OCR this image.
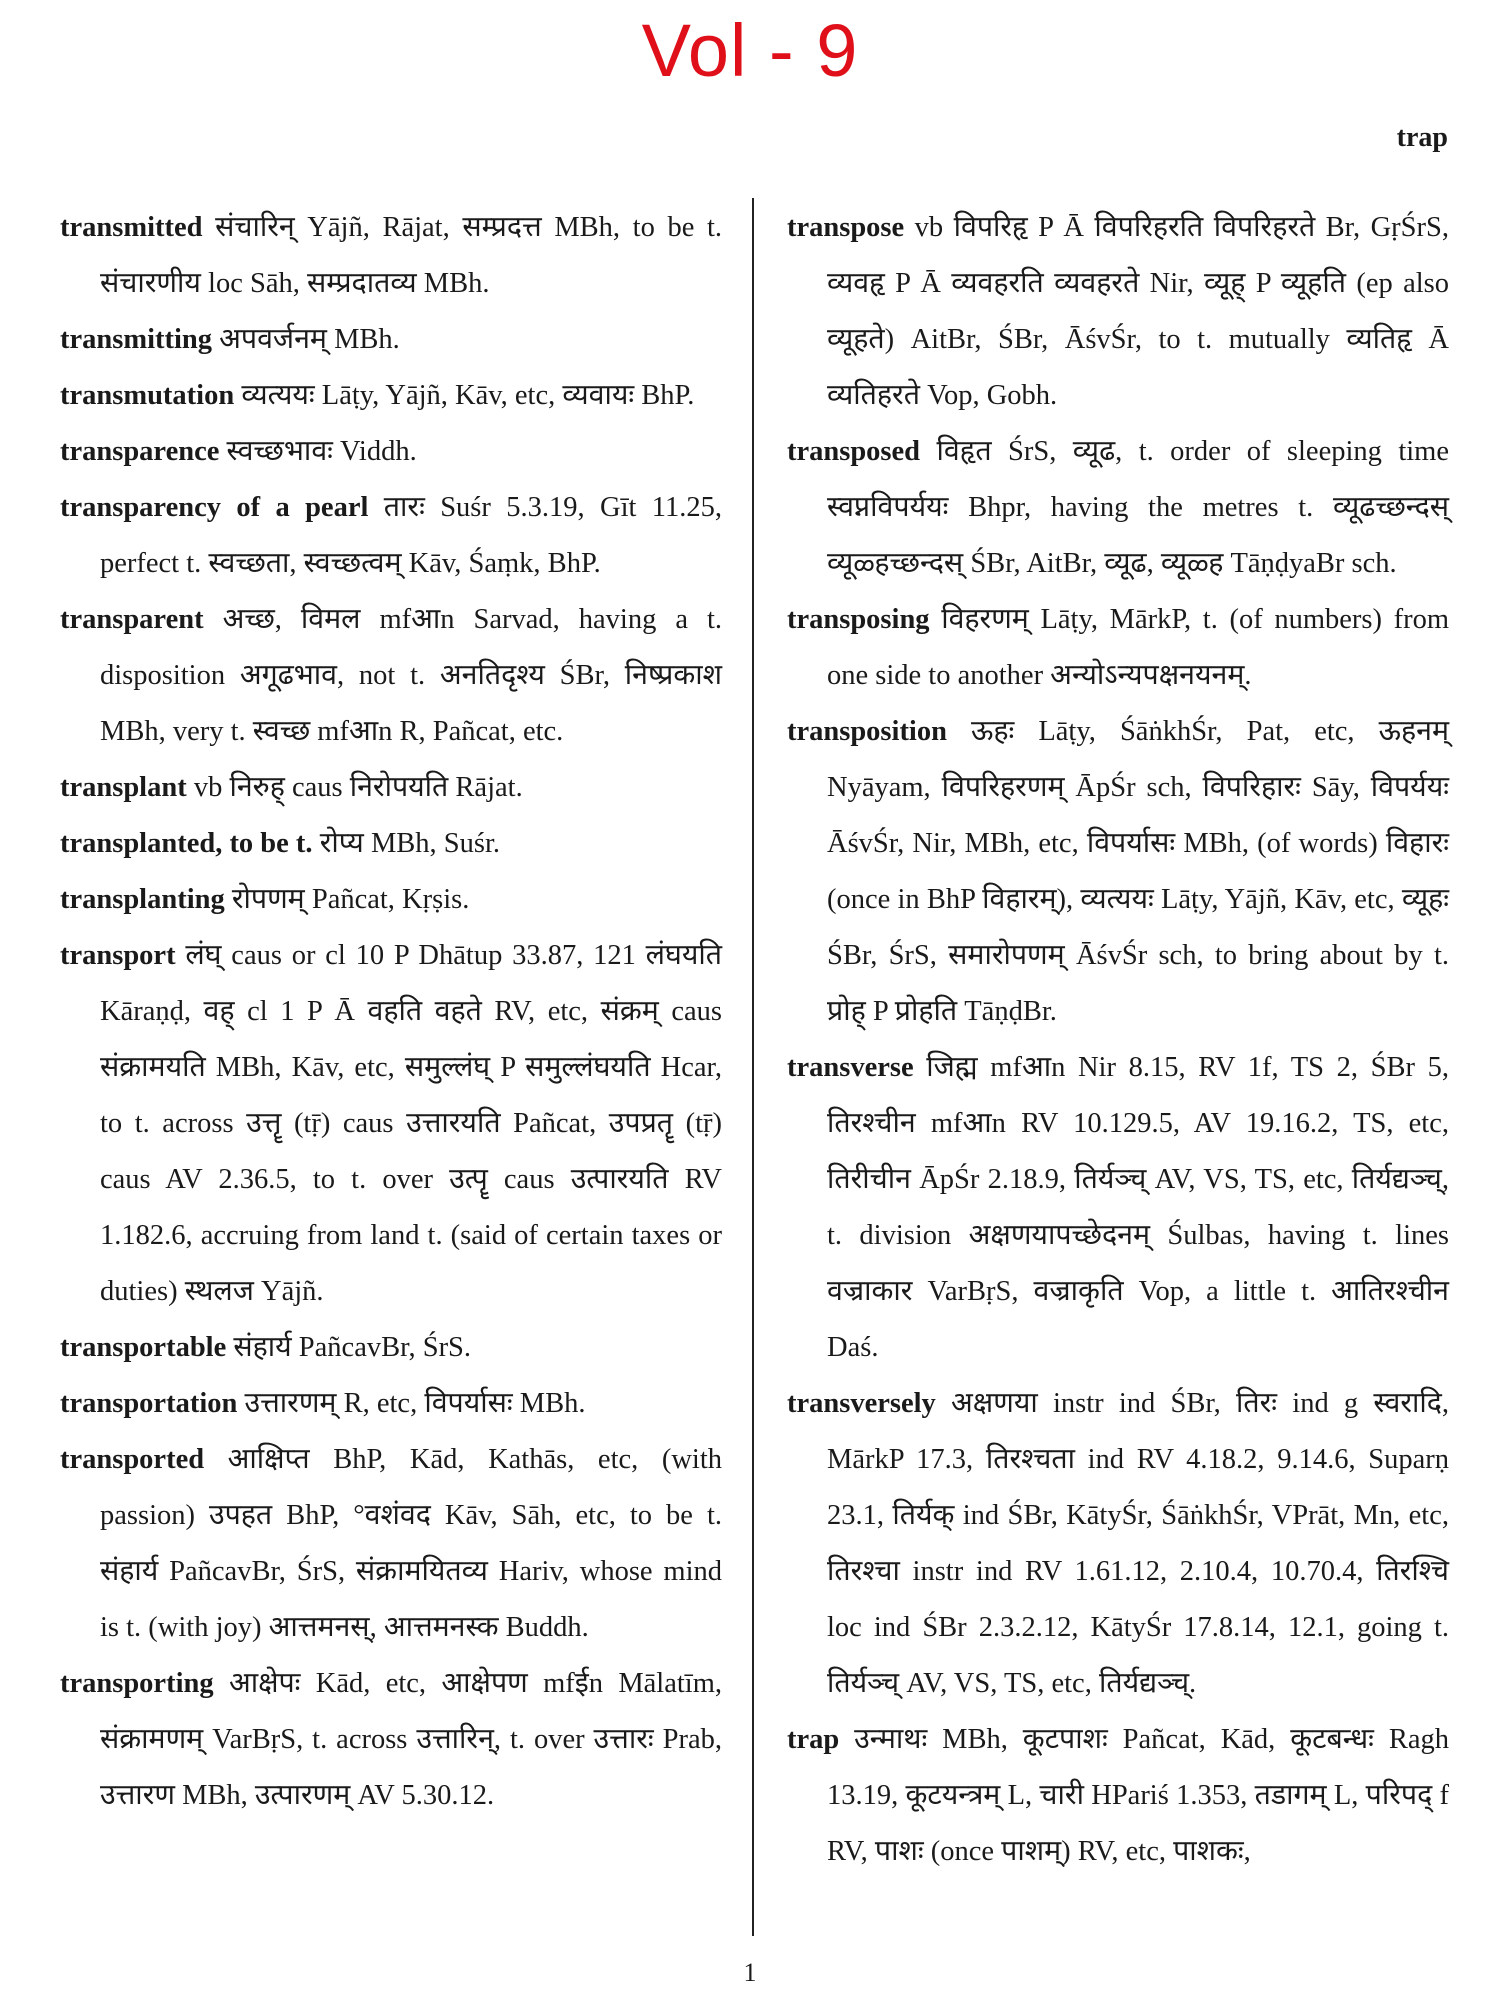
Vol - 9
trap

transmitted संचारिन् Yājñ, Rājat, सम्प्रदत्त MBh, to be t. संचारणीय loc Sāh, सम्प्रदातव्य MBh.

transmitting अपवर्जनम् MBh.

transmutation व्यत्ययः Lāṭy, Yājñ, Kāv, etc, व्यवायः BhP.

transparence स्वच्छभावः Viddh.

transparency of a pearl तारः Suśr 5.3.19, Gīt 11.25, perfect t. स्वच्छता, स्वच्छत्वम् Kāv, Śaṃk, BhP.

transparent अच्छ, विमल mfआn Sarvad, having a t. disposition अगूढभाव, not t. अनतिदृश्य ŚBr, निष्प्रकाश MBh, very t. स्वच्छ mfआn R, Pañcat, etc.

transplant vb निरुह् caus निरोपयति Rājat.

transplanted, to be t. रोप्य MBh, Suśr.

transplanting रोपणम् Pañcat, Kṛṣis.

transport लंघ् caus or cl 10 P Dhātup 33.87, 121 लंघयति Kāraṇḍ, वह् cl 1 P Ā वहति वहते RV, etc, संक्रम् caus संक्रामयति MBh, Kāv, etc, समुल्लंघ् P समुल्लंघयति Hcar, to t. across उत्तॄ (tṝ) caus उत्तारयति Pañcat, उपप्रतॄ (tṝ) caus AV 2.36.5, to t. over उत्पॄ caus उत्पारयति RV 1.182.6, accruing from land t. (said of certain taxes or duties) स्थलज Yājñ.

transportable संहार्य PañcavBr, ŚrS.

transportation उत्तारणम् R, etc, विपर्यासः MBh.

transported आक्षिप्त BhP, Kād, Kathās, etc, (with passion) उपहत BhP, °वशंवद Kāv, Sāh, etc, to be t. संहार्य PañcavBr, ŚrS, संक्रामयितव्य Hariv, whose mind is t. (with joy) आत्तमनस्, आत्तमनस्क Buddh.

transporting आक्षेपः Kād, etc, आक्षेपण mfईn Mālatīm, संक्रामणम् VarBṛS, t. across उत्तारिन्, t. over उत्तारः Prab, उत्तारण MBh, उत्पारणम् AV 5.30.12.

transpose vb विपरिहृ P Ā विपरिहरति विपरिहरते Br, GṛŚrS, व्यवहृ P Ā व्यवहरति व्यवहरते Nir, व्यूह् P व्यूहति (ep also व्यूहते) AitBr, ŚBr, ĀśvŚr, to t. mutually व्यतिहृ Ā व्यतिहरते Vop, Gobh.

transposed विहृत ŚrS, व्यूढ, t. order of sleeping time स्वप्नविपर्ययः Bhpr, having the metres t. व्यूढच्छन्दस् व्यूळ्हच्छन्दस् ŚBr, AitBr, व्यूढ, व्यूळ्ह TāṇḍyaBr sch.

transposing विहरणम् Lāṭy, MārkP, t. (of numbers) from one side to another अन्योऽन्यपक्षनयनम्.

transposition ऊहः Lāṭy, ŚāṅkhŚr, Pat, etc, ऊहनम् Nyāyam, विपरिहरणम् ĀpŚr sch, विपरिहारः Sāy, विपर्ययः ĀśvŚr, Nir, MBh, etc, विपर्यासः MBh, (of words) विहारः (once in BhP विहारम्), व्यत्ययः Lāṭy, Yājñ, Kāv, etc, व्यूहः ŚBr, ŚrS, समारोपणम् ĀśvŚr sch, to bring about by t. प्रोह् P प्रोहति TāṇḍBr.

transverse जिह्म mfआn Nir 8.15, RV 1f, TS 2, ŚBr 5, तिरश्चीन mfआn RV 10.129.5, AV 19.16.2, TS, etc, तिरीचीन ĀpŚr 2.18.9, तिर्यञ्च् AV, VS, TS, etc, तिर्यद्यञ्च्, t. division अक्षणयापच्छेदनम् Śulbas, having t. lines वज्राकार VarBṛS, वज्राकृति Vop, a little t. आतिरश्चीन Daś.

transversely अक्षणया instr ind ŚBr, तिरः ind g स्वरादि, MārkP 17.3, तिरश्चता ind RV 4.18.2, 9.14.6, Suparṇ 23.1, तिर्यक् ind ŚBr, KātyŚr, ŚāṅkhŚr, VPrāt, Mn, etc, तिरश्चा instr ind RV 1.61.12, 2.10.4, 10.70.4, तिरश्चि loc ind ŚBr 2.3.2.12, KātyŚr 17.8.14, 12.1, going t. तिर्यञ्च् AV, VS, TS, etc, तिर्यद्यञ्च्.

trap उन्माथः MBh, कूटपाशः Pañcat, Kād, कूटबन्धः Ragh 13.19, कूटयन्त्रम् L, चारी HPariś 1.353, तडागम् L, परिपद् f RV, पाशः (once पाशम्) RV, etc, पाशकः,

1
